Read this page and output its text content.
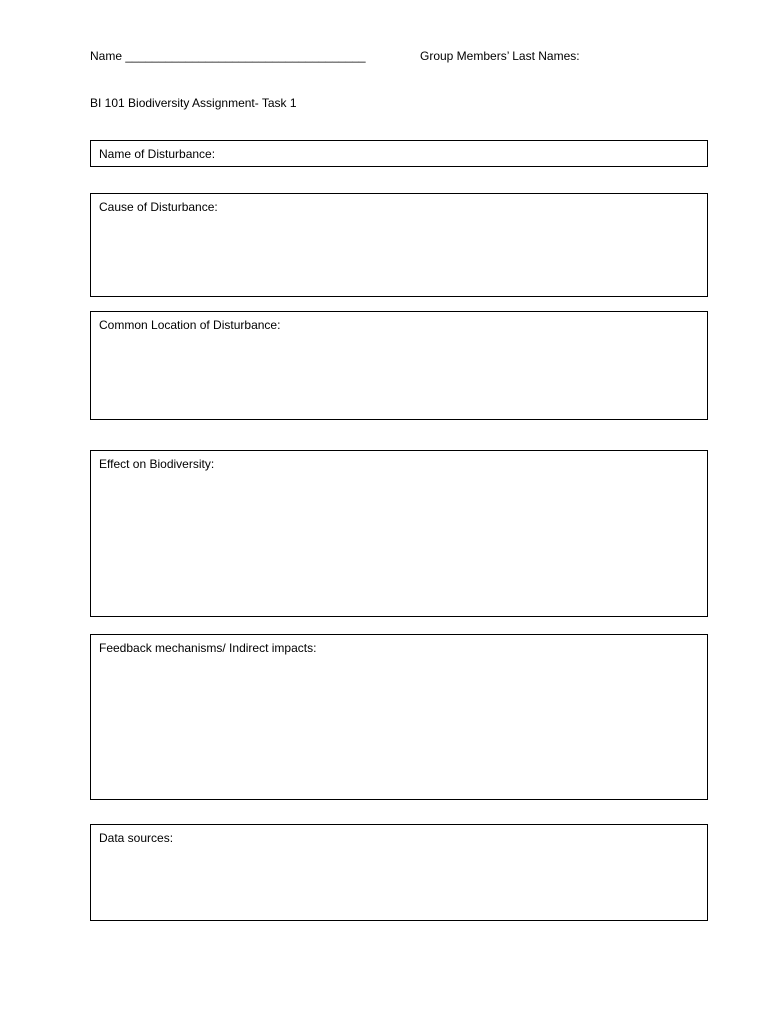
Name ____________________________________	Group Members’ Last Names:
BI 101 Biodiversity Assignment- Task 1
Name of Disturbance:
Cause of Disturbance:
Common Location of Disturbance:
Effect on Biodiversity:
Feedback mechanisms/ Indirect impacts:
Data sources:
